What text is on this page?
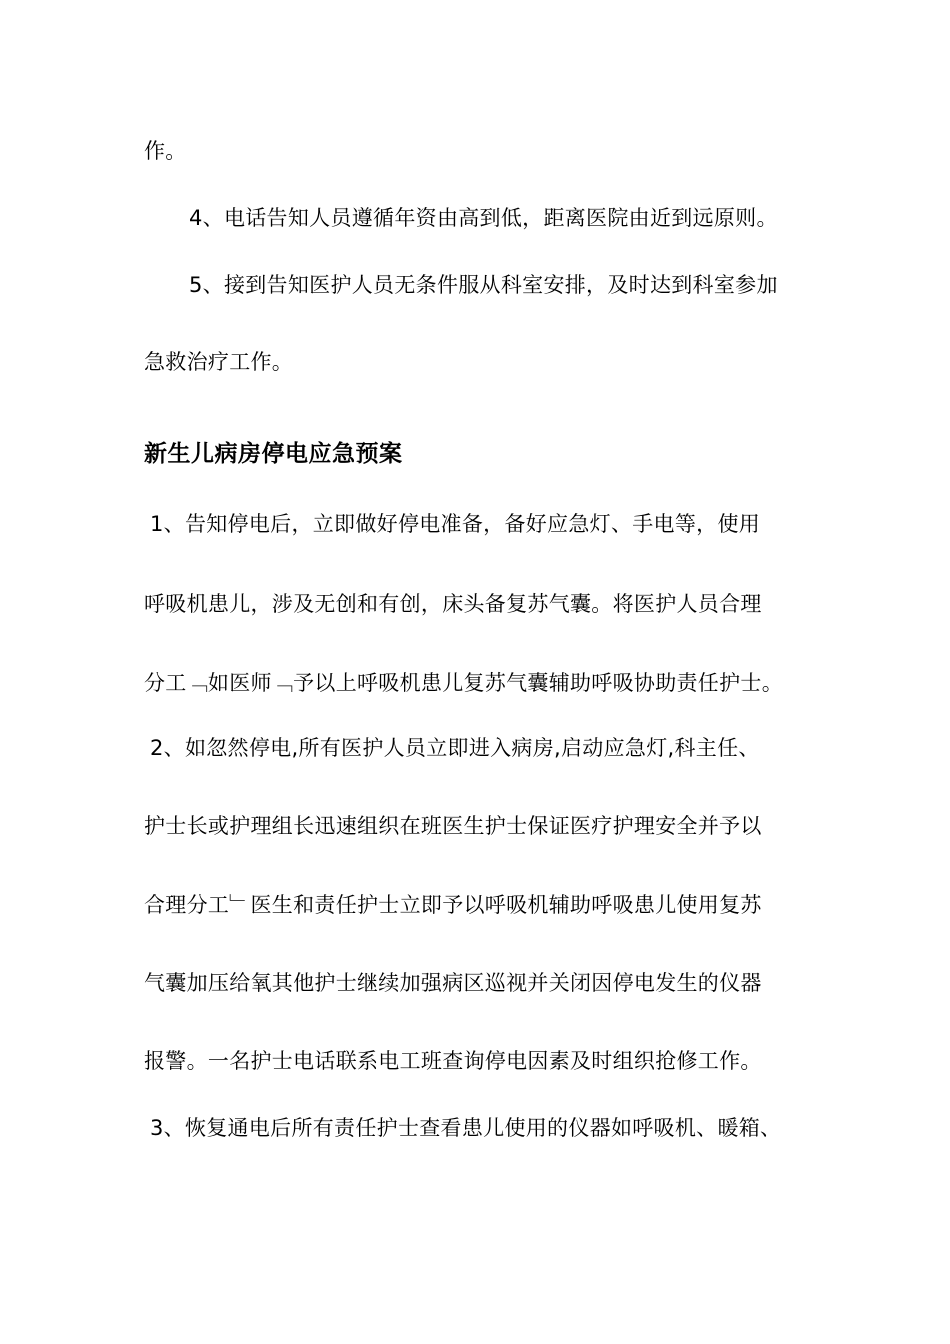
作。
4、电话告知人员遵循年资由高到低，距离医院由近到远原则。
5、接到告知医护人员无条件服从科室安排，及时达到科室参加
急救治疗工作。
新生儿病房停电应急预案
1、告知停电后，立即做好停电准备，备好应急灯、手电等，使用
呼吸机患儿，涉及无创和有创，床头备复苏气囊。将医护人员合理
分工﹁如医师﹁予以上呼吸机患儿复苏气囊辅助呼吸协助责任护士。
2、如忽然停电,所有医护人员立即进入病房,启动应急灯,科主任、
护士长或护理组长迅速组织在班医生护士保证医疗护理安全并予以
合理分工﹂医生和责任护士立即予以呼吸机辅助呼吸患儿使用复苏
气囊加压给氧其他护士继续加强病区巡视并关闭因停电发生的仪器
报警。一名护士电话联系电工班查询停电因素及时组织抢修工作。
3、恢复通电后所有责任护士查看患儿使用的仪器如呼吸机、暖箱、
